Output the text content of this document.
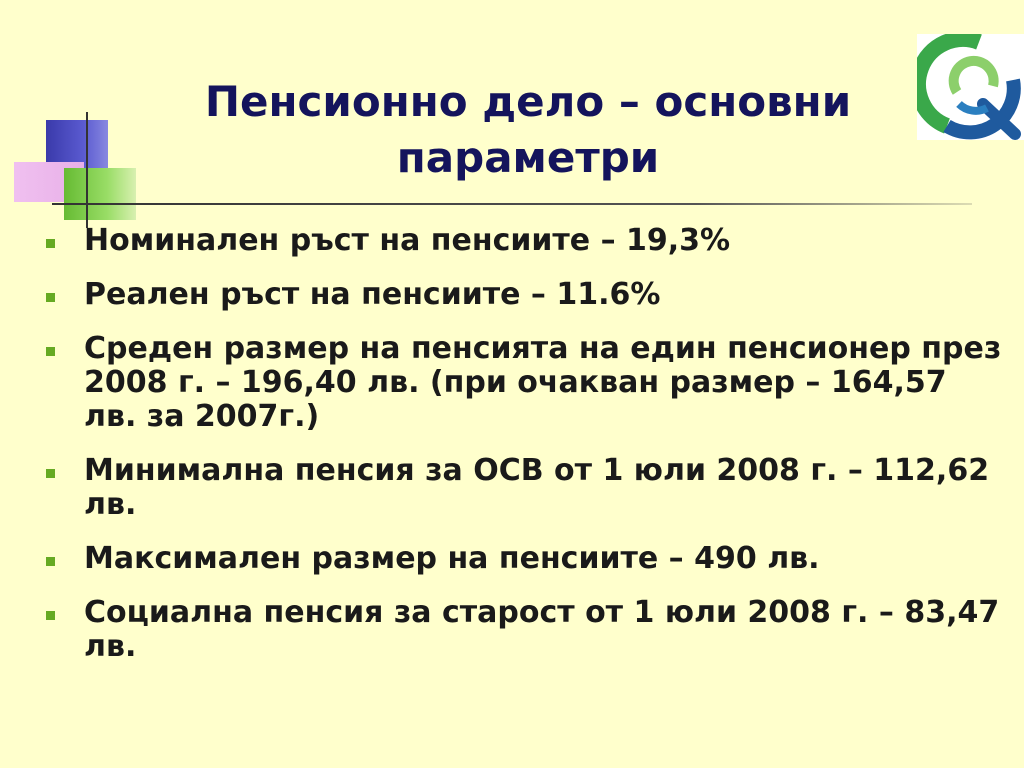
Пенсионно дело – основни параметри
Номинален ръст на пенсиите – 19,3%
Реален ръст на пенсиите – 11.6%
Среден размер на пенсията на един пенсионер през 2008 г. – 196,40 лв. (при очакван размер – 164,57 лв. за 2007г.)
Минимална пенсия за ОСВ от 1 юли 2008 г. – 112,62 лв.
Максимален размер на пенсиите – 490 лв.
Социална пенсия за старост от 1 юли 2008 г. – 83,47 лв.
